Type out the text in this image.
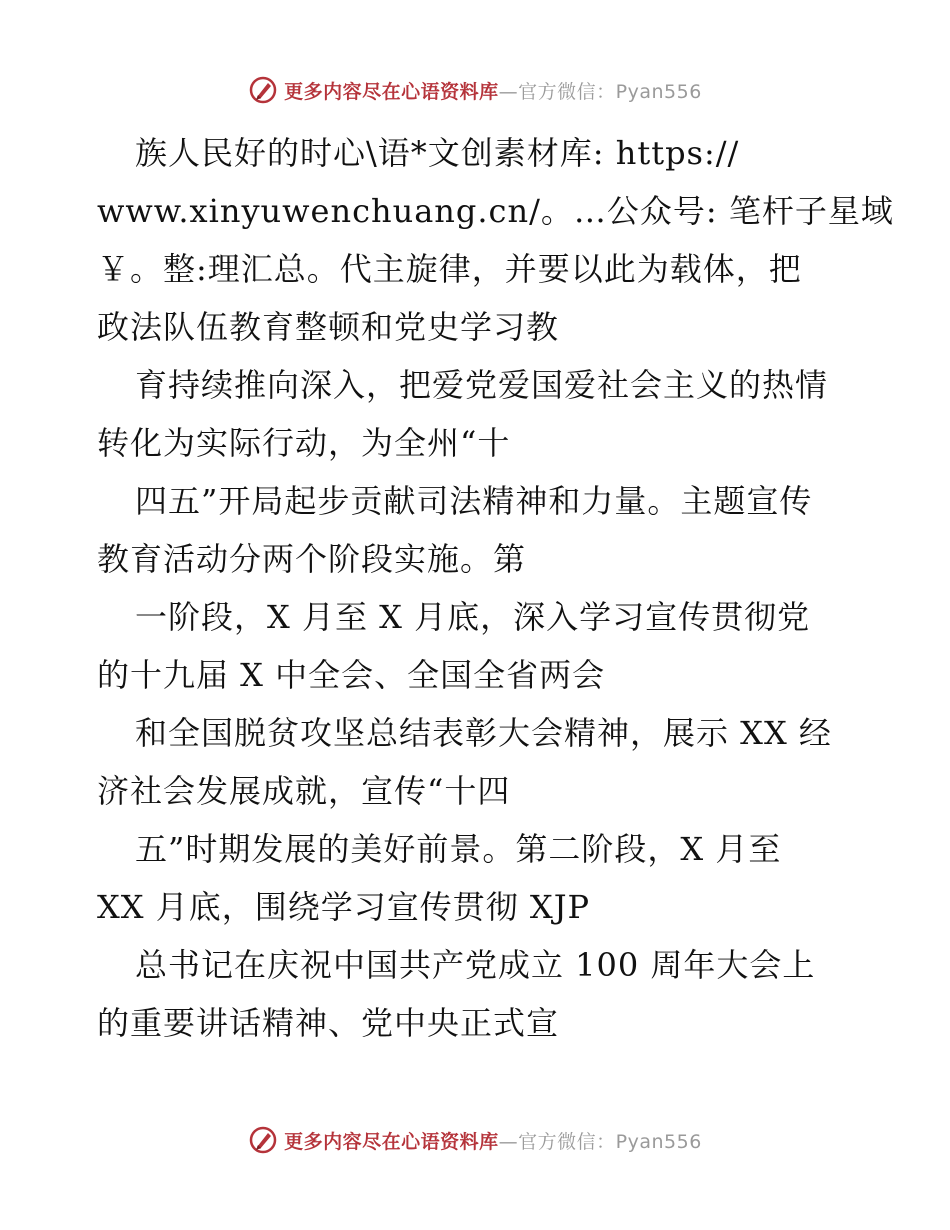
更多内容尽在心语资料库—官方微信：Pyan556
族人民好的时心\语*文创素材库: https://
www.xinyuwenchuang.cn/。…公众号: 笔杆子星域
￥。整:理汇总。代主旋律，并要以此为载体，把
政法队伍教育整顿和党史学习教
育持续推向深入，把爱党爱国爱社会主义的热情
转化为实际行动，为全州“十
四五”开局起步贡献司法精神和力量。主题宣传
教育活动分两个阶段实施。第
一阶段，X 月至 X 月底，深入学习宣传贯彻党
的十九届 X 中全会、全国全省两会
和全国脱贫攻坚总结表彰大会精神，展示 XX 经
济社会发展成就，宣传“十四
五”时期发展的美好前景。第二阶段，X 月至
XX 月底，围绕学习宣传贯彻 XJP
总书记在庆祝中国共产党成立 100 周年大会上
的重要讲话精神、党中央正式宣
更多内容尽在心语资料库—官方微信：Pyan556
